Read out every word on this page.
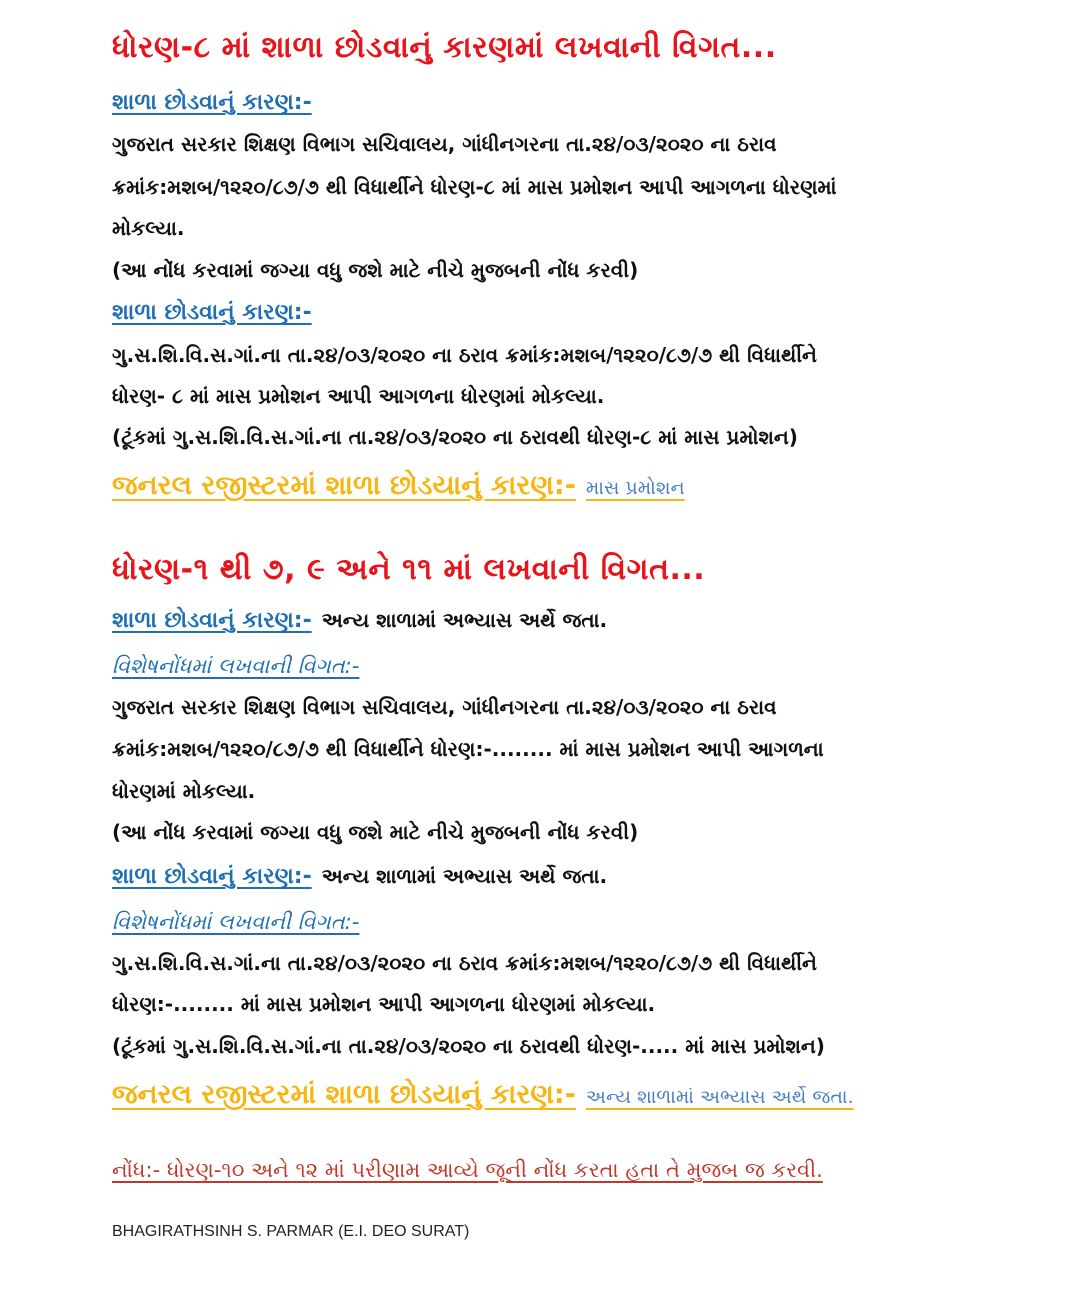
ધોરણ-૮ માં શાળા છોડવાનું કારણમાં લખવાની વિગત...
શાળા છોડવાનું કારણ:-
ગુજરાત સરકાર શિક્ષણ વિભાગ સચિવાલય, ગાંધીનગરના તા.૨૪/૦૩/૨૦૨૦ ના ઠરાવ
ક્રમાંક:મશબ/૧૨૨૦/૮૭/૭ થી વિધાર્થીને ધોરણ-૮ માં માસ પ્રમોશન આપી આગળના ધોરણમાં
મોકલ્યા.
(આ નોંધ કરવામાં જગ્યા વધુ જશે માટે નીચે મુજબની નોંધ કરવી)
શાળા છોડવાનું કારણ:-
ગુ.સ.શિ.વિ.સ.ગાં.ના તા.૨૪/૦૩/૨૦૨૦ ના ઠરાવ ક્રમાંક:મશબ/૧૨૨૦/૮૭/૭ થી વિધાર્થીને
ધોરણ- ૮ માં માસ પ્રમોશન આપી આગળના ધોરણમાં મોકલ્યા.
(ટૂંકમાં ગુ.સ.શિ.વિ.સ.ગાં.ના તા.૨૪/૦૩/૨૦૨૦ ના ઠરાવથી ધોરણ-૮ માં માસ પ્રમોશન)
જનરલ રજીસ્ટરમાં શાળા છોડયાનું કારણ:- માસ પ્રમોશન
ધોરણ-૧ થી ૭, ૯ અને ૧૧ માં લખવાની વિગત...
શાળા છોડવાનું કારણ:- અન્ય શાળામાં અભ્યાસ અર્થે જતા.
વિશેષનોંધમાં લખવાની વિગત:-
ગુજરાત સરકાર શિક્ષણ વિભાગ સચિવાલય, ગાંધીનગરના તા.૨૪/૦૩/૨૦૨૦ ના ઠરાવ
ક્રમાંક:મશબ/૧૨૨૦/૮૭/૭ થી વિધાર્થીને ધોરણ:-........ માં માસ પ્રમોશન આપી આગળના
ધોરણમાં મોકલ્યા.
(આ નોંધ કરવામાં જગ્યા વધુ જશે માટે નીચે મુજબની નોંધ કરવી)
શાળા છોડવાનું કારણ:- અન્ય શાળામાં અભ્યાસ અર્થે જતા.
વિશેષનોંધમાં લખવાની વિગત:-
ગુ.સ.શિ.વિ.સ.ગાં.ના તા.૨૪/૦૩/૨૦૨૦ ના ઠરાવ ક્રમાંક:મશબ/૧૨૨૦/૮૭/૭ થી વિધાર્થીને
ધોરણ:-........ માં માસ પ્રમોશન આપી આગળના ધોરણમાં મોકલ્યા.
(ટૂંકમાં ગુ.સ.શિ.વિ.સ.ગાં.ના તા.૨૪/૦૩/૨૦૨૦ ના ઠરાવથી ધોરણ-..... માં માસ પ્રમોશન)
જનરલ રજીસ્ટરમાં શાળા છોડયાનું કારણ:- અન્ય શાળામાં અભ્યાસ અર્થે જતા.
નોંધ:- ધોરણ-૧૦ અને ૧૨ માં પરીણામ આવ્યે જૂની નોંધ કરતા હતા તે મુજબ જ કરવી.
BHAGIRATHSINH S. PARMAR (E.I. DEO SURAT)
